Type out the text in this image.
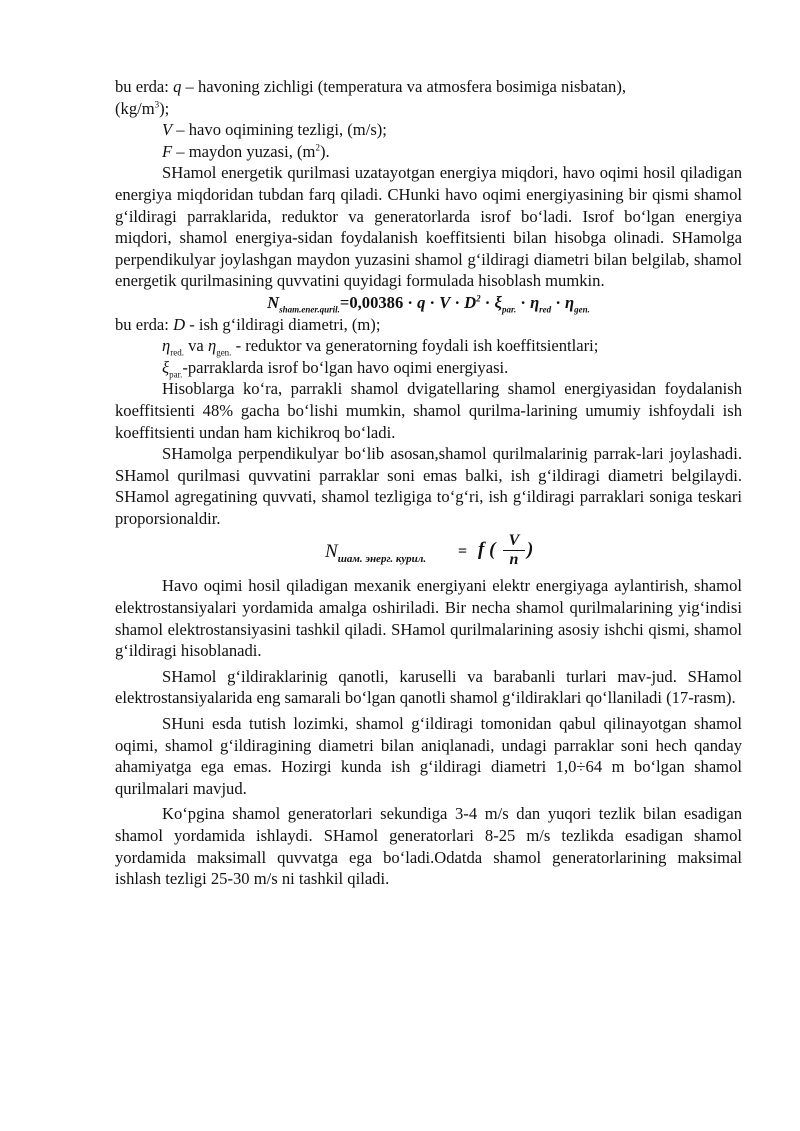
bu erda: q – havoning zichligi (temperatura va atmosfera bosimiga nisbatan),
$(kg/m^3)$;

V – havo oqimining tezligi, (m/s);

F – maydon yuzasi, $(m^2)$.

SHamol energetik qurilmasi uzatayotgan energiya miqdori, havo oqimi hosil qiladigan energiya miqdoridan tubdan farq qiladi. CHunki havo oqimi energiyasining bir qismi shamol g‘ildiragi parraklarida, reduktor va generatorlarda isrof bo‘ladi. Isrof bo‘lgan energiya miqdori, shamol energiya-sidan foydalanish koeffitsienti bilan hisobga olinadi. SHamolga perpendikulyar joylashgan maydon yuzasini shamol g‘ildiragi diametri bilan belgilab, shamol energetik qurilmasining quvvatini quyidagi formulada hisoblash mumkin.

$N_{sham.ener.quril.}=0,00386 \cdot q \cdot V \cdot D^2 \cdot \xi_{par.} \cdot \eta_{red} \cdot \eta_{gen.}$

bu erda: D - ish g‘ildiragi diametri, (m);

$\eta_{red.}$ va $\eta_{gen.}$ - reduktor va generatorning foydali ish koeffitsientlari;

$\xi_{par.}$-parraklarda isrof bo‘lgan havo oqimi energiyasi.

Hisoblarga ko‘ra, parrakli shamol dvigatellaring shamol energiyasidan foydalanish koeffitsienti 48% gacha bo‘lishi mumkin, shamol qurilma-larining umumiy ishfoydali ish koeffitsienti undan ham kichikroq bo‘ladi.

SHamolga perpendikulyar bo‘lib asosan,shamol qurilmalarinig parrak-lari joylashadi. SHamol qurilmasi quvvatini parraklar soni emas balki, ish g‘ildiragi diametri belgilaydi. SHamol agregatining quvvati, shamol tezligiga to‘g‘ri, ish g‘ildiragi parraklari soniga teskari proporsionaldir.

$N_{шам. энерг. курил.} = f$ ( V
n )

Havo oqimi hosil qiladigan mexanik energiyani elektr energiyaga aylantirish, shamol elektrostansiyalari yordamida amalga oshiriladi. Bir necha shamol qurilmalarining yig‘indisi shamol elektrostansiyasini tashkil qiladi. SHamol qurilmalarining asosiy ishchi qismi, shamol g‘ildiragi hisoblanadi.

SHamol g‘ildiraklarinig qanotli, karuselli va barabanli turlari mav-jud. SHamol elektrostansiyalarida eng samarali bo‘lgan qanotli shamol g‘ildiraklari qo‘llaniladi (17-rasm).

SHuni esda tutish lozimki, shamol g‘ildiragi tomonidan qabul qilinayotgan shamol oqimi, shamol g‘ildiragining diametri bilan aniqlanadi, undagi parraklar soni hech qanday ahamiyatga ega emas. Hozirgi kunda ish g‘ildiragi diametri 1,0÷64 m bo‘lgan shamol qurilmalari mavjud.

Ko‘pgina shamol generatorlari sekundiga 3-4 m/s dan yuqori tezlik bilan esadigan shamol yordamida ishlaydi. SHamol generatorlari 8-25 m/s tezlikda esadigan shamol yordamida maksimall quvvatga ega bo‘ladi.Odatda shamol generatorlarining maksimal ishlash tezligi 25-30 m/s ni tashkil qiladi.
